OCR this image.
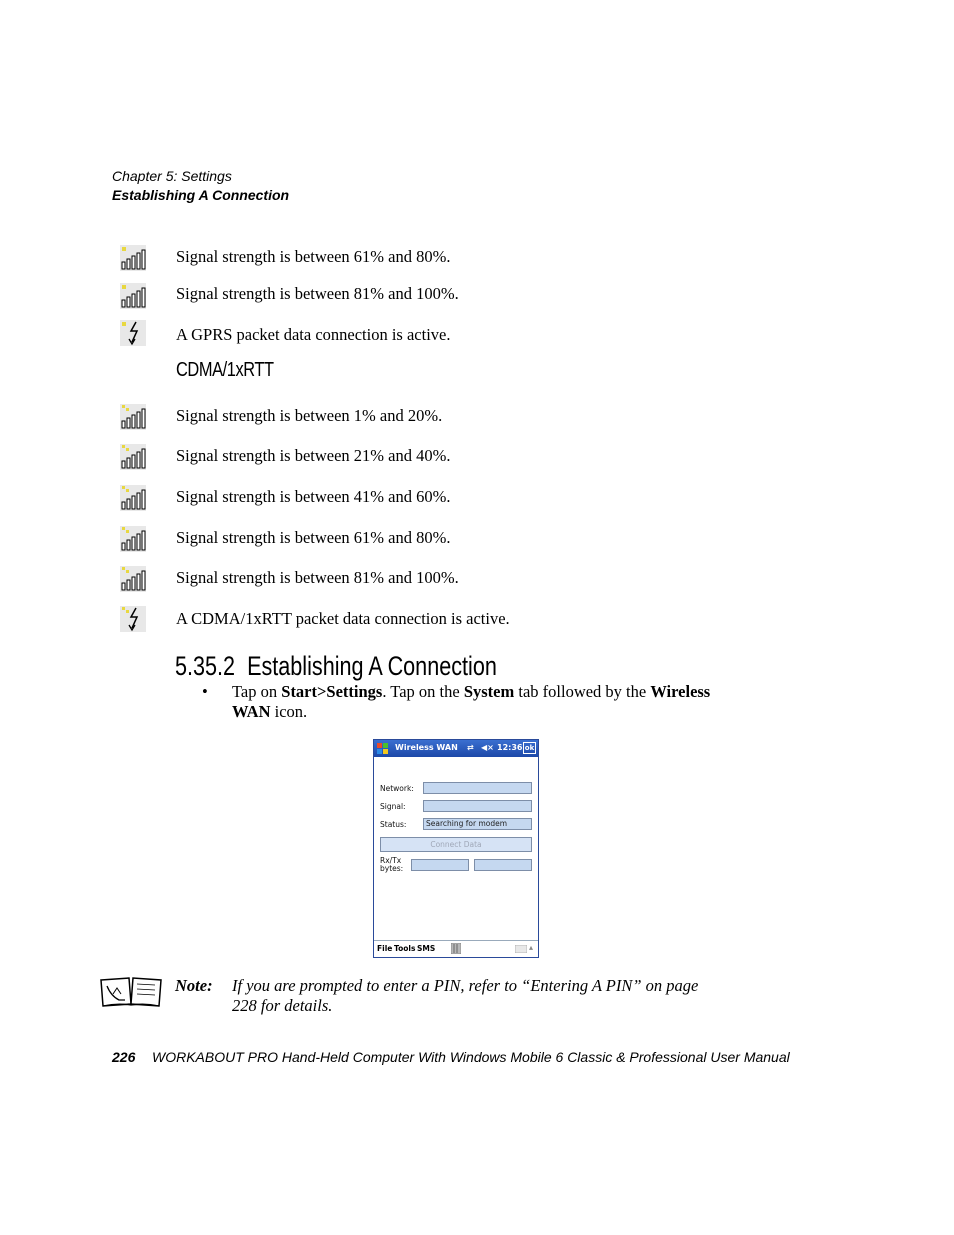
Chapter 5: Settings
Establishing A Connection
Signal strength is between 61% and 80%.
Signal strength is between 81% and 100%.
A GPRS packet data connection is active.
CDMA/1xRTT
Signal strength is between 1% and 20%.
Signal strength is between 21% and 40%.
Signal strength is between 41% and 60%.
Signal strength is between 61% and 80%.
Signal strength is between 81% and 100%.
A CDMA/1xRTT packet data connection is active.
5.35.2 Establishing A Connection
• Tap on Start>Settings. Tap on the System tab followed by the Wireless
WAN icon.
Wireless WAN ⇄ ◀× 12:36 ok
Network:
Signal:
Status:	Searching for modem
Connect Data
Rx/Tx
bytes:
File Tools SMS	▴
Note: If you are prompted to enter a PIN, refer to “Entering A PIN” on page
228 for details.
226 WORKABOUT PRO Hand-Held Computer With Windows Mobile 6 Classic & Professional User Manual
